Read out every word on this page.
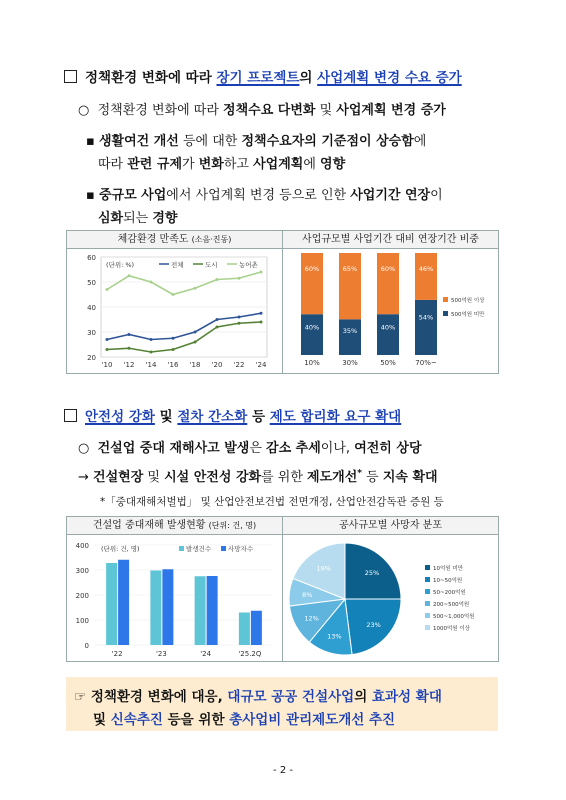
정책환경 변화에 따라 장기 프로젝트의 사업계획 변경 수요 증가
○ 정책환경 변화에 따라 정책수요 다변화 및 사업계획 변경 증가
▪ 생활여건 개선 등에 대한 정책수요자의 기준점이 상승함에
따라 관련 규제가 변화하고 사업계획에 영향
▪ 중규모 사업에서 사업계획 변경 등으로 인한 사업기간 연장이
심화되는 경향
체감환경 만족도 (소음·진동)	사업규모별 사업기간 대비 연장기간 비중
20
30
40
50
60
'10 '12 '14 '16 '18 '20 '22 '24
(단위: %)	전체	도시	농어촌
40%
60%
10%
35%
65%
30%
40%
60%
50%
54%
46%
70%~
500억원 이상
500억원 미만
안전성 강화 및 절차 간소화 등 제도 합리화 요구 확대
○ 건설업 중대 재해사고 발생은 감소 추세이나, 여전히 상당
→ 건설현장 및 시설 안전성 강화를 위한 제도개선* 등 지속 확대
*「중대재해처벌법」 및 산업안전보건법 전면개정, 산업안전감독관 증원 등
건설업 중대재해 발생현황 (단위: 건, 명)	공사규모별 사망자 분포
0
100
200
300
400
'22	'23	'24	'25.2Q
(단위: 건, 명)	발생건수	사망자수
25%
23%
13%
12%
8%
19%	10억원 미만
10~50억원
50~200억원
200~500억원
500~1,000억원
1000억원 이상
☞ 정책환경 변화에 대응, 대규모 공공 건설사업의 효과성 확대
및 신속추진 등을 위한 총사업비 관리제도개선 추진
- 2 -
